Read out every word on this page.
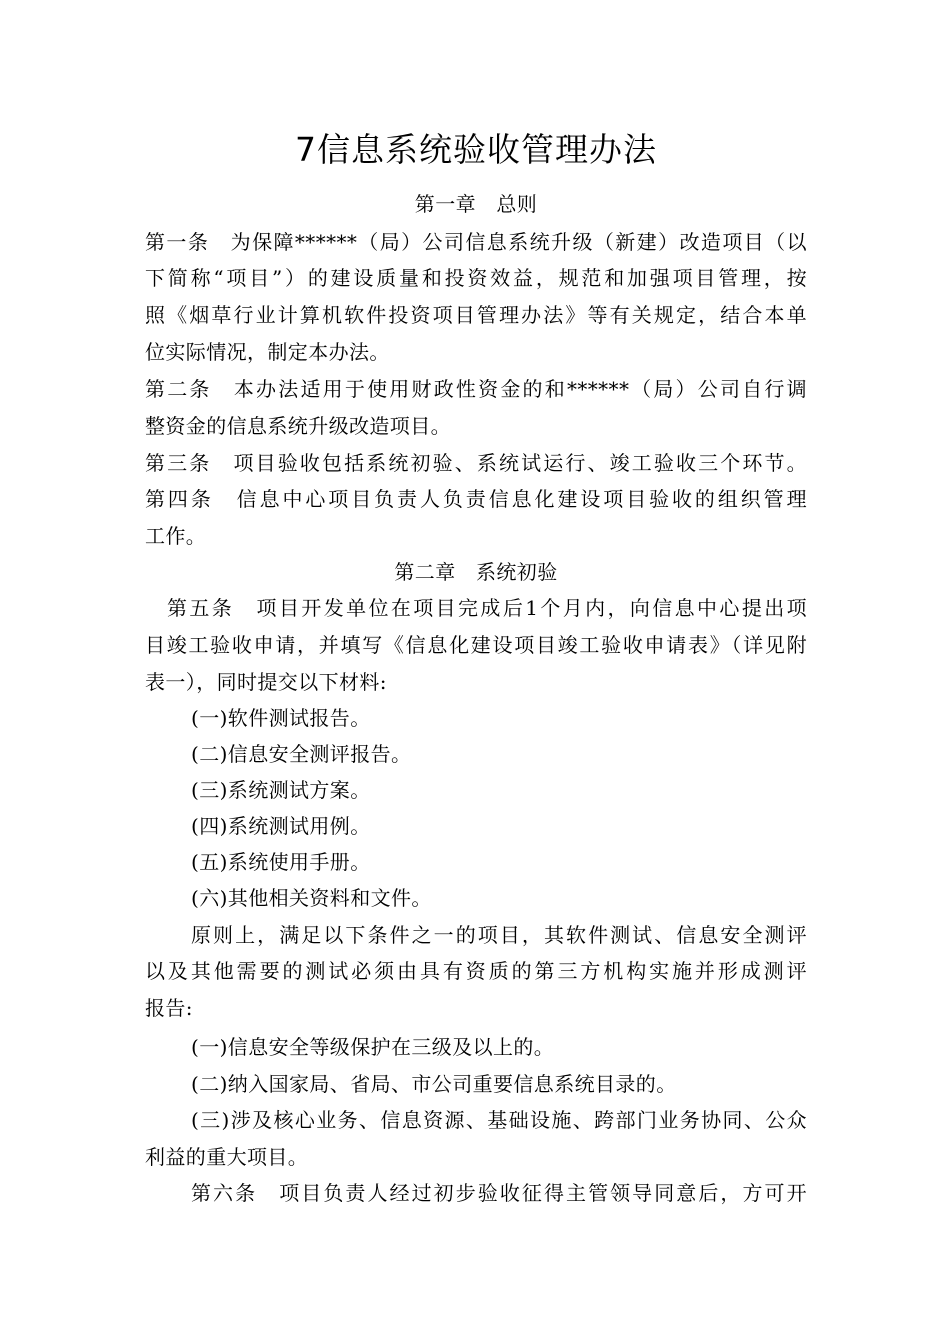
7信息系统验收管理办法
第一章　总则
第一条　为保障******（局）公司信息系统升级（新建）改造项目（以
下简称“项目”）的建设质量和投资效益，规范和加强项目管理，按
照《烟草行业计算机软件投资项目管理办法》等有关规定，结合本单
位实际情况，制定本办法。
第二条　本办法适用于使用财政性资金的和******（局）公司自行调
整资金的信息系统升级改造项目。
第三条　项目验收包括系统初验、系统试运行、竣工验收三个环节。
第四条　信息中心项目负责人负责信息化建设项目验收的组织管理
工作。
第二章　系统初验
第五条　项目开发单位在项目完成后1个月内，向信息中心提出项
目竣工验收申请，并填写《信息化建设项目竣工验收申请表》（详见附
表一），同时提交以下材料:
(一)软件测试报告。
(二)信息安全测评报告。
(三)系统测试方案。
(四)系统测试用例。
(五)系统使用手册。
(六)其他相关资料和文件。
原则上，满足以下条件之一的项目，其软件测试、信息安全测评
以及其他需要的测试必须由具有资质的第三方机构实施并形成测评
报告:
(一)信息安全等级保护在三级及以上的。
(二)纳入国家局、省局、市公司重要信息系统目录的。
(三)涉及核心业务、信息资源、基础设施、跨部门业务协同、公众
利益的重大项目。
第六条　项目负责人经过初步验收征得主管领导同意后，方可开
